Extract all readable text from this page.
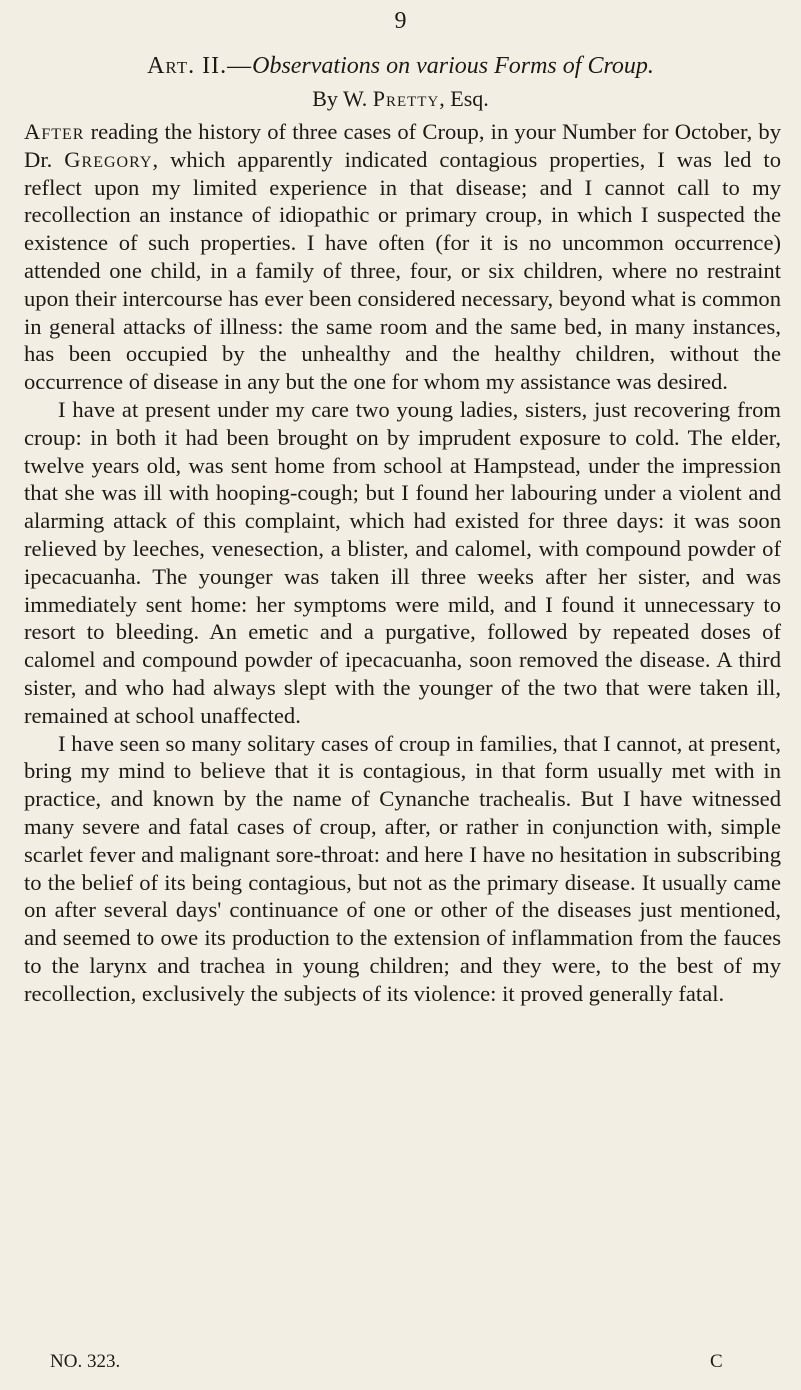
9
Art. II.—Observations on various Forms of Croup.
By W. Pretty, Esq.

After reading the history of three cases of Croup, in your Number for October, by Dr. Gregory, which apparently indicated contagious properties, I was led to reflect upon my limited experience in that disease; and I cannot call to my recollection an instance of idiopathic or primary croup, in which I suspected the existence of such properties. I have often (for it is no uncommon occurrence) attended one child, in a family of three, four, or six children, where no restraint upon their intercourse has ever been considered necessary, beyond what is common in general attacks of illness: the same room and the same bed, in many instances, has been occupied by the unhealthy and the healthy children, without the occurrence of disease in any but the one for whom my assistance was desired.

I have at present under my care two young ladies, sisters, just recovering from croup: in both it had been brought on by imprudent exposure to cold. The elder, twelve years old, was sent home from school at Hampstead, under the impression that she was ill with hooping-cough; but I found her labouring under a violent and alarming attack of this complaint, which had existed for three days: it was soon relieved by leeches, venesection, a blister, and calomel, with compound powder of ipecacuanha. The younger was taken ill three weeks after her sister, and was immediately sent home: her symptoms were mild, and I found it unnecessary to resort to bleeding. An emetic and a purgative, followed by repeated doses of calomel and compound powder of ipecacuanha, soon removed the disease. A third sister, and who had always slept with the younger of the two that were taken ill, remained at school unaffected.

I have seen so many solitary cases of croup in families, that I cannot, at present, bring my mind to believe that it is contagious, in that form usually met with in practice, and known by the name of Cynanche trachealis. But I have witnessed many severe and fatal cases of croup, after, or rather in conjunction with, simple scarlet fever and malignant sore-throat: and here I have no hesitation in subscribing to the belief of its being contagious, but not as the primary disease. It usually came on after several days' continuance of one or other of the diseases just mentioned, and seemed to owe its production to the extension of inflammation from the fauces to the larynx and trachea in young children; and they were, to the best of my recollection, exclusively the subjects of its violence: it proved generally fatal.

NO. 323.	C
